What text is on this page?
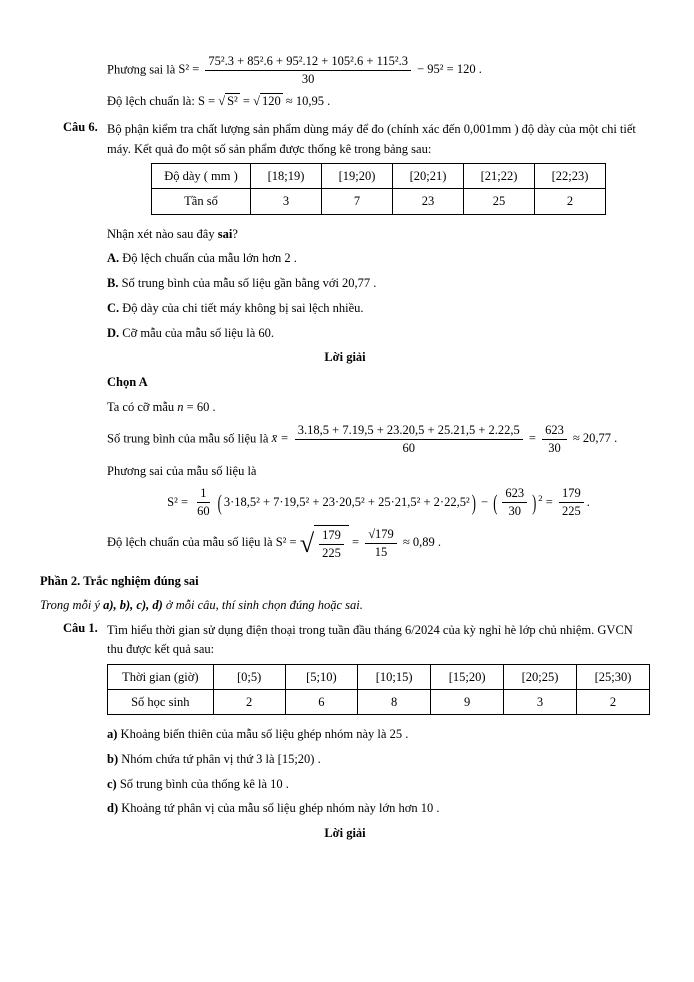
Phương sai là $S^2 = \frac{\text{75².3 + 85².6 + 95².12 + 105².6 + 115².3}}{30} - 95^2 = 120$ .
Độ lệch chuẩn là: S = √ S² = √ 120 ≈ 10,95 .
Câu 6. Bộ phận kiểm tra chất lượng sản phẩm dùng máy để đo (chính xác đến 0,001mm ) độ dày của một chi tiết máy. Kết quả đo một số sản phẩm được thống kê trong bảng sau:
Độ dày ( mm )	[18;19)	[19;20)	[20;21)	[21;22)	[22;23)
Tần số	3	7	23	25	2
Nhận xét nào sau đây sai?
A. Độ lệch chuẩn của mẫu lớn hơn 2 .
B. Số trung bình của mẫu số liệu gần bằng với 20,77 .
C. Độ dày của chi tiết máy không bị sai lệch nhiều.
D. Cỡ mẫu của mẫu số liệu là 60.
Lời giải
Chọn A
Ta có cỡ mẫu n = 60 .
Số trung bình của mẫu số liệu là x̄ = $\frac{3.18,5 + 7.19,5 + 23.20,5 + 25.21,5 + 2.22,5}{60} = \frac{623}{30} \approx 20,77$ .
Phương sai của mẫu số liệu là
$S^2 = \frac{1}{60}$ ( 3·18,5² + 7·19,5² + 23·20,5² + 25·21,5² + 2·22,5² ) − ( $\frac{623}{30}$ ) $^2 = \frac{179}{225}$ .
Độ lệch chuẩn của mẫu số liệu là S² = √ $\frac{179}{225} = \frac{√179}{15} \approx 0,89$ .
Phần 2. Trắc nghiệm đúng sai
Trong mỗi ý a), b), c), d) ở mỗi câu, thí sinh chọn đúng hoặc sai.
Câu 1. Tìm hiểu thời gian sử dụng điện thoại trong tuần đầu tháng 6/2024 của kỳ nghỉ hè lớp chủ nhiệm. GVCN thu được kết quả sau:
Thời gian (giờ)	[0;5)	[5;10)	[10;15)	[15;20)	[20;25)	[25;30)
Số học sinh	2	6	8	9	3	2
a) Khoảng biến thiên của mẫu số liệu ghép nhóm này là 25 .
b) Nhóm chứa tứ phân vị thứ 3 là [15;20) .
c) Số trung bình của thống kê là 10 .
d) Khoảng tứ phân vị của mẫu số liệu ghép nhóm này lớn hơn 10 .
Lời giải
